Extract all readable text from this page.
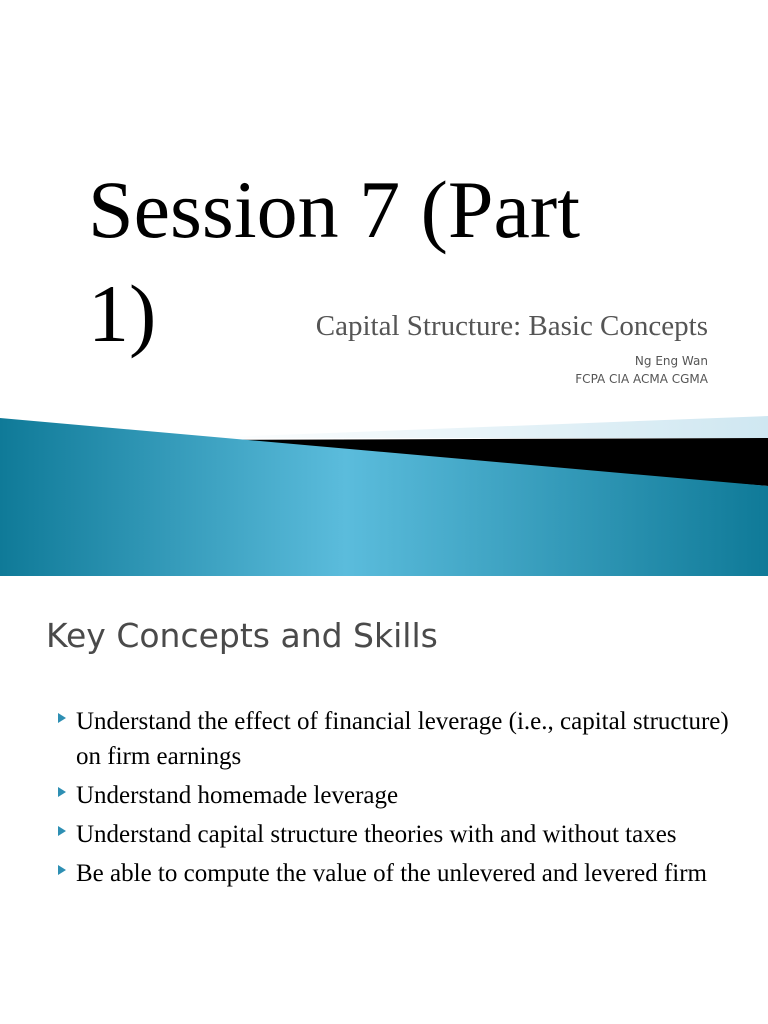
Session 7 (Part
1)	Capital Structure: Basic Concepts
Ng Eng Wan
FCPA CIA ACMA CGMA
Key Concepts and Skills
Understand the effect of financial leverage (i.e., capital structure) on firm earnings
Understand homemade leverage
Understand capital structure theories with and without taxes
Be able to compute the value of the unlevered and levered firm
